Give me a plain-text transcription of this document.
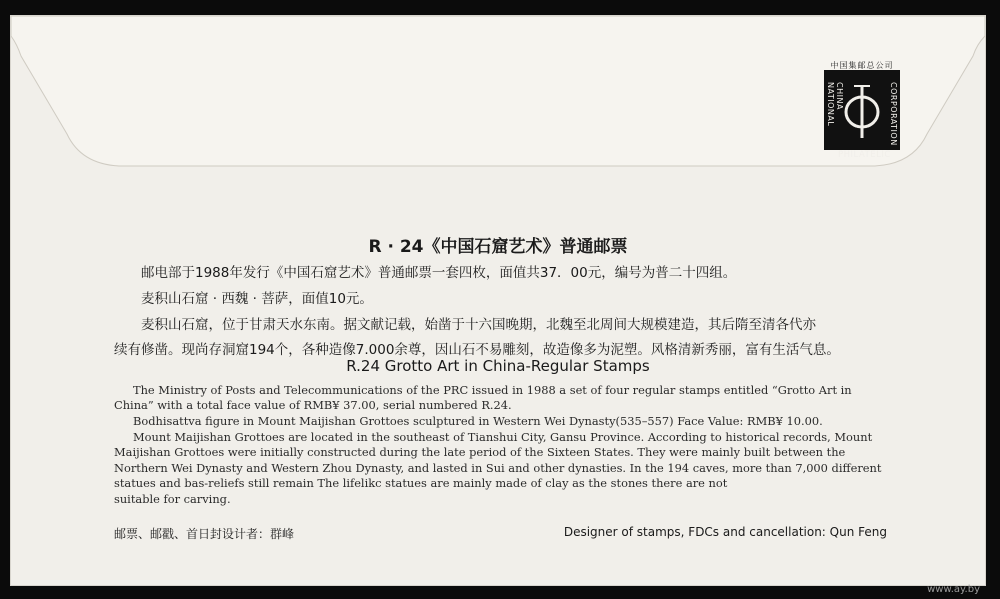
中国集邮总公司
CHINA NATIONAL	CORPORATION
PHILATELIC
R · 24《中国石窟艺术》普通邮票
邮电部于1988年发行《中国石窟艺术》普通邮票一套四枚，面值共37．00元，编号为普二十四组。
麦积山石窟 · 西魏 · 菩萨，面值10元。
麦积山石窟，位于甘肃天水东南。据文献记载，始凿于十六国晚期，北魏至北周间大规模建造，其后隋至清各代亦
续有修凿。现尚存洞窟194个，各种造像7.000余尊，因山石不易雕刻，故造像多为泥塑。风格清新秀丽，富有生活气息。
R.24 Grotto Art in China-Regular Stamps
The Ministry of Posts and Telecommunications of the PRC issued in 1988 a set of four regular stamps entitled “Grotto Art in
China” with a total face value of RMB¥ 37.00, serial numbered R.24.
Bodhisattva figure in Mount Maijishan Grottoes sculptured in Western Wei Dynasty(535–557) Face Value: RMB¥ 10.00.
Mount Maijishan Grottoes are located in the southeast of Tianshui City, Gansu Province. According to historical records, Mount
Maijishan Grottoes were initially constructed during the late period of the Sixteen States. They were mainly built between the
Northern Wei Dynasty and Western Zhou Dynasty, and lasted in Sui and other dynasties. In the 194 caves, more than 7,000 different
statues and bas-reliefs still remain The lifelikc statues are mainly made of clay as the stones there are not
suitable for carving.
邮票、邮戳、首日封设计者：群峰	Designer of stamps, FDCs and cancellation: Qun Feng
www.ay.by
